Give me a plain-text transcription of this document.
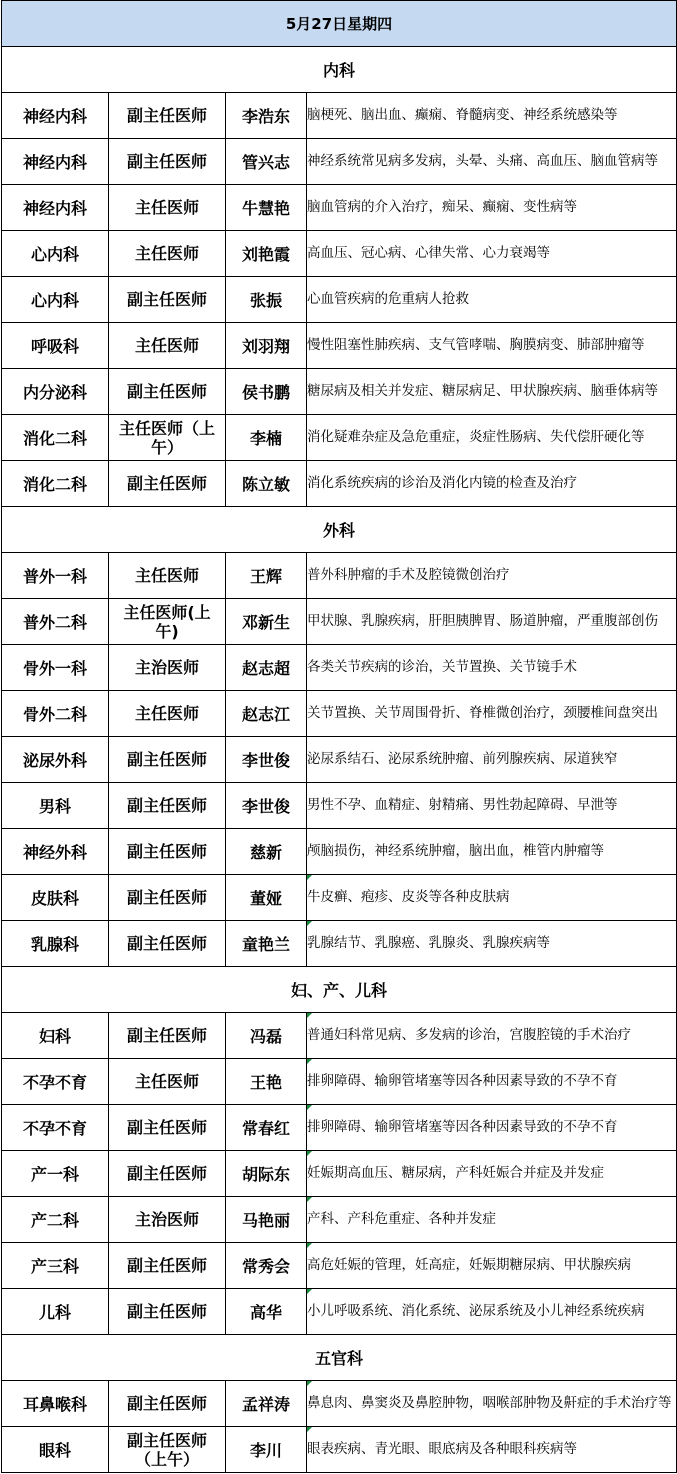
5月27日星期四			
内科			
神经内科	副主任医师	李浩东	脑梗死、脑出血、癫痫、脊髓病变、神经系统感染等
神经内科	副主任医师	管兴志	神经系统常见病多发病，头晕、头痛、高血压、脑血管病等
神经内科	主任医师	牛慧艳	脑血管病的介入治疗，痴呆、癫痫、变性病等
心内科	主任医师	刘艳霞	高血压、冠心病、心律失常、心力衰竭等
心内科	副主任医师	张振	心血管疾病的危重病人抢救
呼吸科	主任医师	刘羽翔	慢性阻塞性肺疾病、支气管哮喘、胸膜病变、肺部肿瘤等
内分泌科	副主任医师	侯书鹏	糖尿病及相关并发症、糖尿病足、甲状腺疾病、脑垂体病等
消化二科	主任医师（上午）	李楠	消化疑难杂症及急危重症，炎症性肠病、失代偿肝硬化等
消化二科	副主任医师	陈立敏	消化系统疾病的诊治及消化内镜的检查及治疗
外科			
普外一科	主任医师	王辉	普外科肿瘤的手术及腔镜微创治疗
普外二科	主任医师(上午)	邓新生	甲状腺、乳腺疾病，肝胆胰脾胃、肠道肿瘤，严重腹部创伤
骨外一科	主治医师	赵志超	各类关节疾病的诊治，关节置换、关节镜手术
骨外二科	主任医师	赵志江	关节置换、关节周围骨折、脊椎微创治疗，颈腰椎间盘突出
泌尿外科	副主任医师	李世俊	泌尿系结石、泌尿系统肿瘤、前列腺疾病、尿道狭窄
男科	副主任医师	李世俊	男性不孕、血精症、射精痛、男性勃起障碍、早泄等
神经外科	副主任医师	慈新	颅脑损伤，神经系统肿瘤，脑出血，椎管内肿瘤等
皮肤科	副主任医师	董娅	牛皮癣、疱疹、皮炎等各种皮肤病
乳腺科	副主任医师	童艳兰	乳腺结节、乳腺癌、乳腺炎、乳腺疾病等
妇、产、儿科			
妇科	副主任医师	冯磊	普通妇科常见病、多发病的诊治，宫腹腔镜的手术治疗
不孕不育	主任医师	王艳	排卵障碍、输卵管堵塞等因各种因素导致的不孕不育
不孕不育	副主任医师	常春红	排卵障碍、输卵管堵塞等因各种因素导致的不孕不育
产一科	副主任医师	胡际东	妊娠期高血压、糖尿病，产科妊娠合并症及并发症
产二科	主治医师	马艳丽	产科、产科危重症、各种并发症
产三科	副主任医师	常秀会	高危妊娠的管理，妊高症，妊娠期糖尿病、甲状腺疾病
儿科	副主任医师	高华	小儿呼吸系统、消化系统、泌尿系统及小儿神经系统疾病
五官科			
耳鼻喉科	副主任医师	孟祥涛	鼻息肉、鼻窦炎及鼻腔肿物，咽喉部肿物及鼾症的手术治疗等
眼科	副主任医师（上午）	李川	眼表疾病、青光眼、眼底病及各种眼科疾病等
